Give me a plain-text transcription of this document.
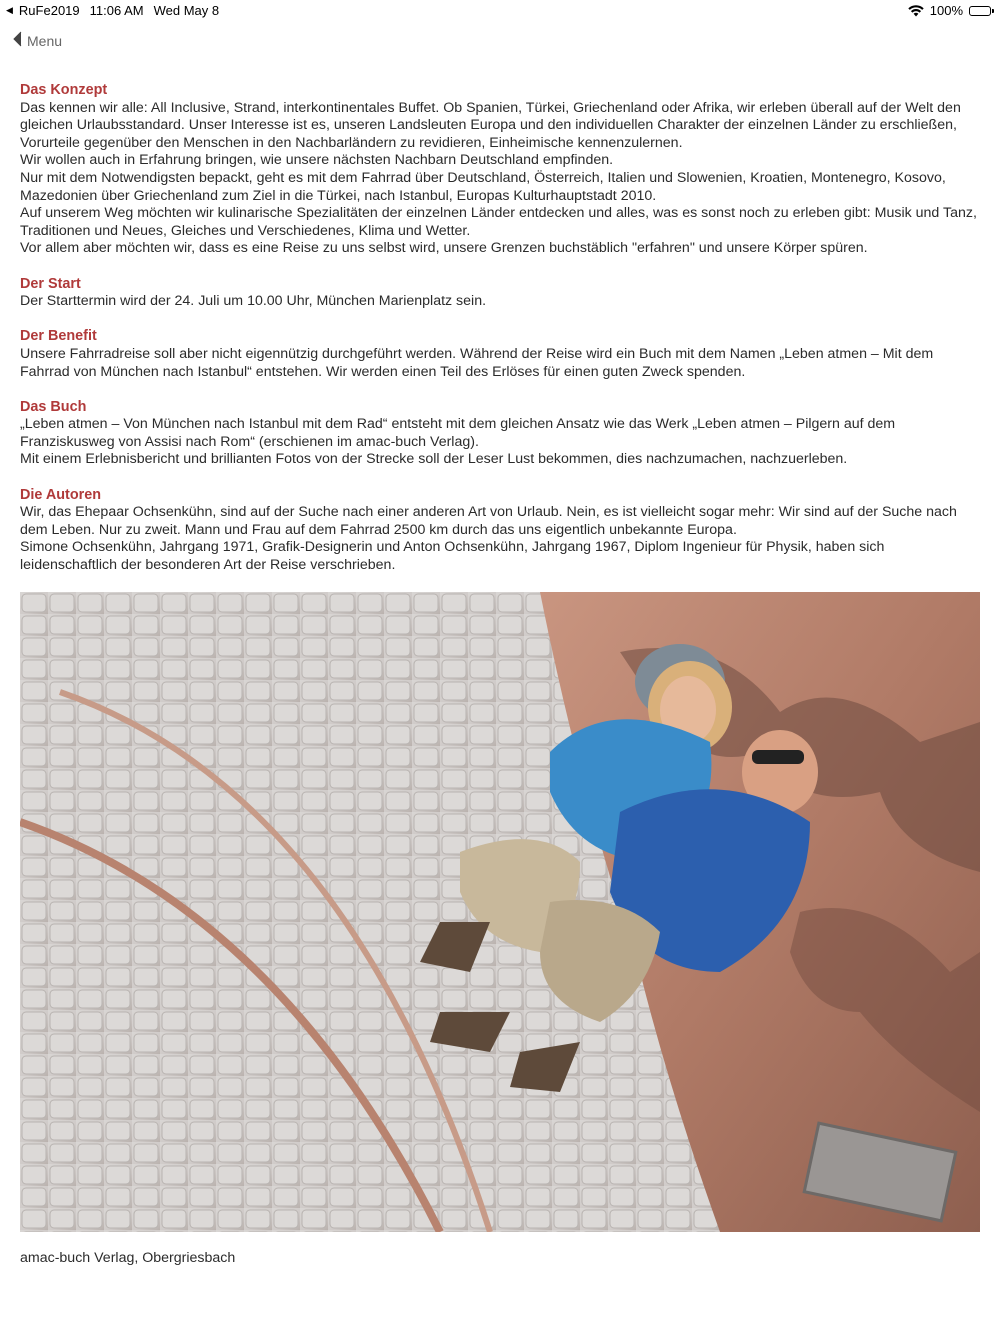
◀ RuFe2019 11:06 AM Wed May 8	100%
Menu
Das Konzept

Das kennen wir alle: All Inclusive, Strand, interkontinentales Buffet. Ob Spanien, Türkei, Griechenland oder Afrika, wir erleben überall auf der Welt den gleichen Urlaubsstandard. Unser Interesse ist es, unseren Landsleuten Europa und den individuellen Charakter der einzelnen Länder zu erschließen, Vorurteile gegenüber den Menschen in den Nachbarländern zu revidieren, Einheimische kennenzulernen.

Wir wollen auch in Erfahrung bringen, wie unsere nächsten Nachbarn Deutschland empfinden.

Nur mit dem Notwendigsten bepackt, geht es mit dem Fahrrad über Deutschland, Österreich, Italien und Slowenien, Kroatien, Montenegro, Kosovo, Mazedonien über Griechenland zum Ziel in die Türkei, nach Istanbul, Europas Kulturhauptstadt 2010.

Auf unserem Weg möchten wir kulinarische Spezialitäten der einzelnen Länder entdecken und alles, was es sonst noch zu erleben gibt: Musik und Tanz, Traditionen und Neues, Gleiches und Verschiedenes, Klima und Wetter.

Vor allem aber möchten wir, dass es eine Reise zu uns selbst wird, unsere Grenzen buchstäblich "erfahren" und unsere Körper spüren.

Der Start

Der Starttermin wird der 24. Juli um 10.00 Uhr, München Marienplatz sein.

Der Benefit

Unsere Fahrradreise soll aber nicht eigennützig durchgeführt werden. Während der Reise wird ein Buch mit dem Namen „Leben atmen – Mit dem Fahrrad von München nach Istanbul“ entstehen. Wir werden einen Teil des Erlöses für einen guten Zweck spenden.

Das Buch

„Leben atmen – Von München nach Istanbul mit dem Rad“ entsteht mit dem gleichen Ansatz wie das Werk „Leben atmen – Pilgern auf dem Franziskusweg von Assisi nach Rom“ (erschienen im amac-buch Verlag).

Mit einem Erlebnisbericht und brillianten Fotos von der Strecke soll der Leser Lust bekommen, dies nachzumachen, nachzuerleben.

Die Autoren

Wir, das Ehepaar Ochsenkühn, sind auf der Suche nach einer anderen Art von Urlaub. Nein, es ist vielleicht sogar mehr: Wir sind auf der Suche nach dem Leben. Nur zu zweit. Mann und Frau auf dem Fahrrad 2500 km durch das uns eigentlich unbekannte Europa.

Simone Ochsenkühn, Jahrgang 1971, Grafik-Designerin und Anton Ochsenkühn, Jahrgang 1967, Diplom Ingenieur für Physik, haben sich leidenschaftlich der besonderen Art der Reise verschrieben.

amac-buch Verlag, Obergriesbach
